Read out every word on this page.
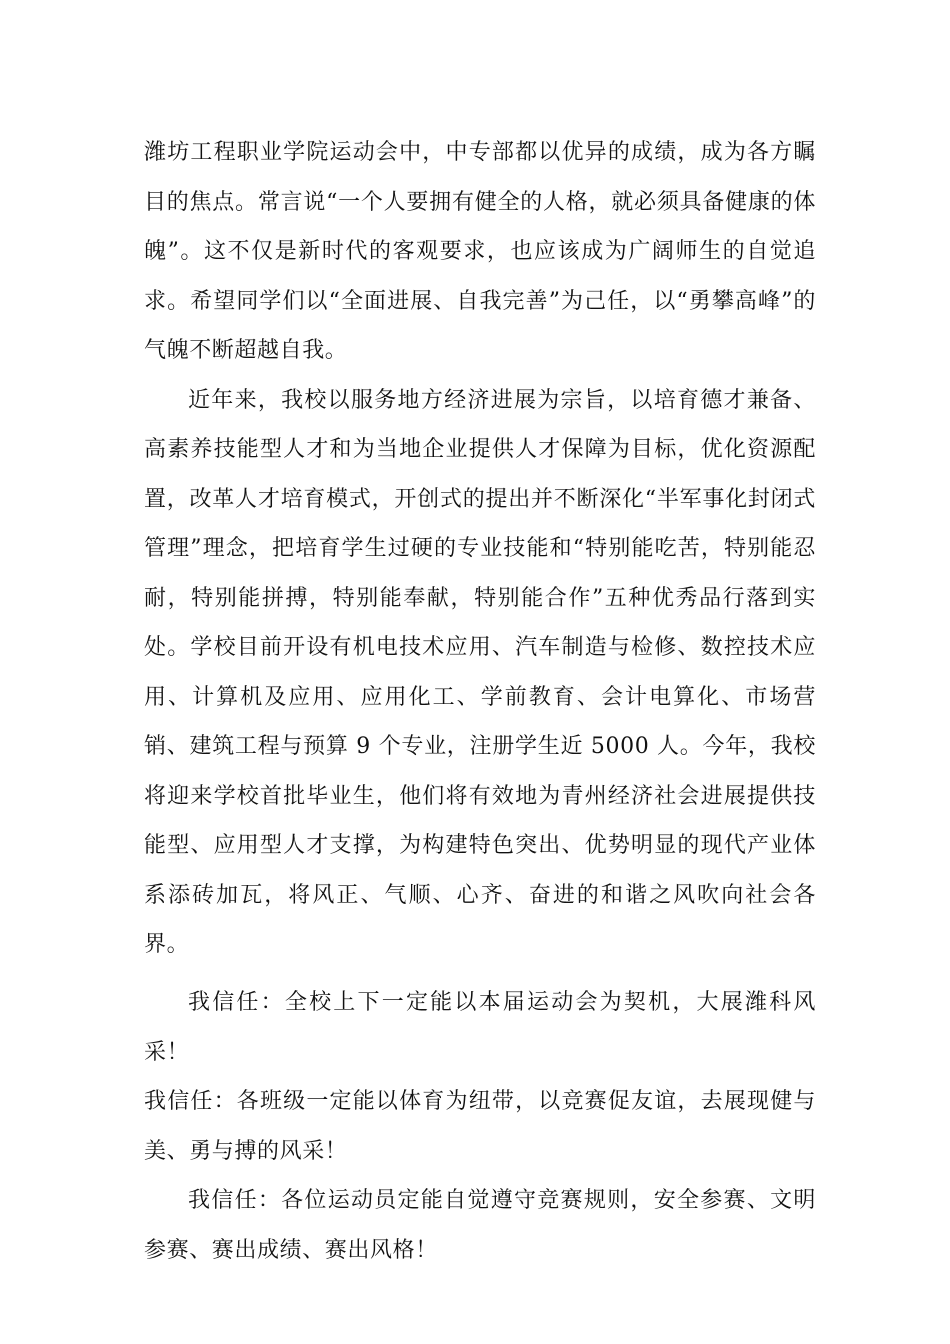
潍坊工程职业学院运动会中，中专部都以优异的成绩，成为各方瞩目的焦点。常言说“一个人要拥有健全的人格，就必须具备健康的体魄”。这不仅是新时代的客观要求，也应该成为广阔师生的自觉追求。希望同学们以“全面进展、自我完善”为己任，以“勇攀高峰”的气魄不断超越自我。

近年来，我校以服务地方经济进展为宗旨，以培育德才兼备、高素养技能型人才和为当地企业提供人才保障为目标，优化资源配置，改革人才培育模式，开创式的提出并不断深化“半军事化封闭式管理”理念，把培育学生过硬的专业技能和“特别能吃苦，特别能忍耐，特别能拼搏，特别能奉献，特别能合作”五种优秀品行落到实处。学校目前开设有机电技术应用、汽车制造与检修、数控技术应用、计算机及应用、应用化工、学前教育、会计电算化、市场营销、建筑工程与预算 9 个专业，注册学生近 5000 人。今年，我校将迎来学校首批毕业生，他们将有效地为青州经济社会进展提供技能型、应用型人才支撑，为构建特色突出、优势明显的现代产业体系添砖加瓦，将风正、气顺、心齐、奋进的和谐之风吹向社会各界。

我信任：全校上下一定能以本届运动会为契机，大展潍科风采！

我信任：各班级一定能以体育为纽带，以竞赛促友谊，去展现健与美、勇与搏的风采！

我信任：各位运动员定能自觉遵守竞赛规则，安全参赛、文明参赛、赛出成绩、赛出风格！
